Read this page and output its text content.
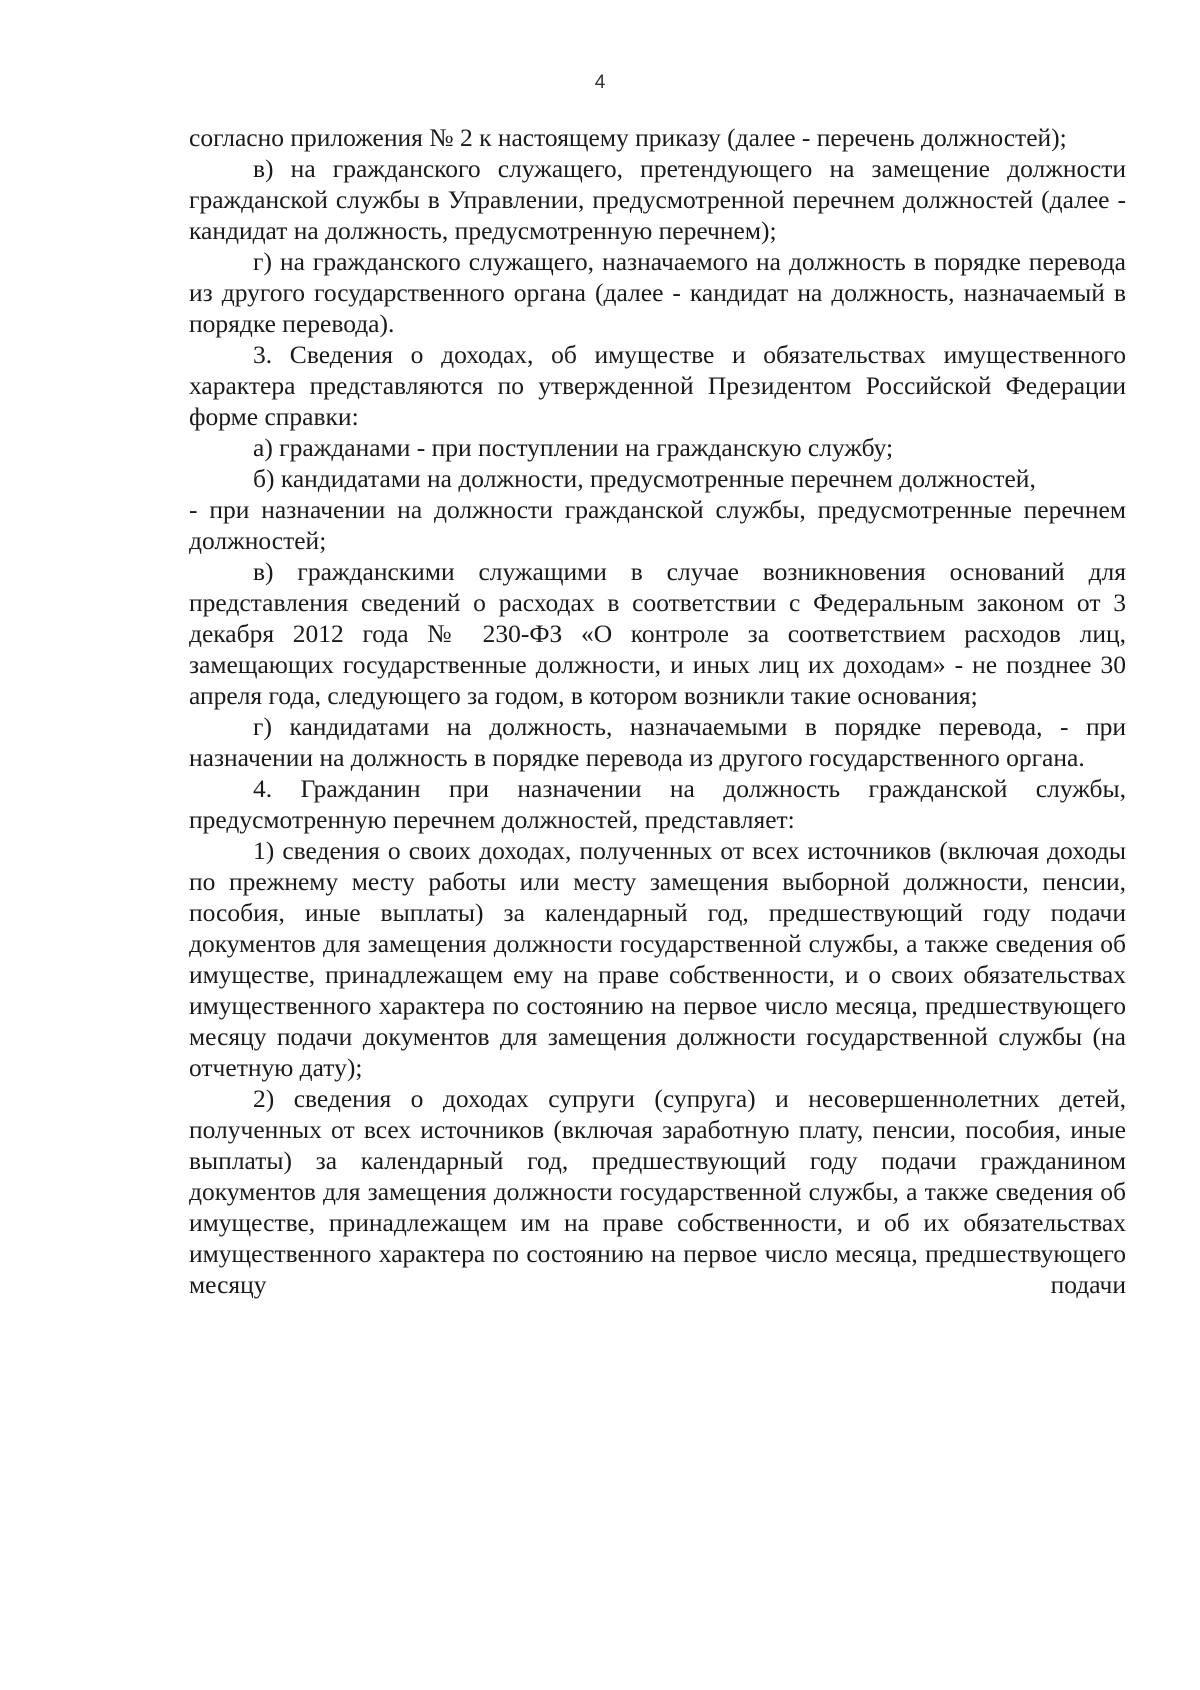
4

согласно приложения № 2 к настоящему приказу (далее - перечень должностей);

в) на гражданского служащего, претендующего на замещение должности гражданской службы в Управлении, предусмотренной перечнем должностей (далее - кандидат на должность, предусмотренную перечнем);

г) на гражданского служащего, назначаемого на должность в порядке перевода из другого государственного органа (далее - кандидат на должность, назначаемый в порядке перевода).

3. Сведения о доходах, об имуществе и обязательствах имущественного характера представляются по утвержденной Президентом Российской Федерации форме справки:

а) гражданами - при поступлении на гражданскую службу;

б) кандидатами на должности, предусмотренные перечнем должностей,

- при назначении на должности гражданской службы, предусмотренные перечнем должностей;

в) гражданскими служащими в случае возникновения оснований для представления сведений о расходах в соответствии с Федеральным законом от 3 декабря 2012 года № 230-ФЗ «О контроле за соответствием расходов лиц, замещающих государственные должности, и иных лиц их доходам» - не позднее 30 апреля года, следующего за годом, в котором возникли такие основания;

г) кандидатами на должность, назначаемыми в порядке перевода, - при назначении на должность в порядке перевода из другого государственного органа.

4. Гражданин при назначении на должность гражданской службы, предусмотренную перечнем должностей, представляет:

1) сведения о своих доходах, полученных от всех источников (включая доходы по прежнему месту работы или месту замещения выборной должности, пенсии, пособия, иные выплаты) за календарный год, предшествующий году подачи документов для замещения должности государственной службы, а также сведения об имуществе, принадлежащем ему на праве собственности, и о своих обязательствах имущественного характера по состоянию на первое число месяца, предшествующего месяцу подачи документов для замещения должности государственной службы (на отчетную дату);

2) сведения о доходах супруги (супруга) и несовершеннолетних детей, полученных от всех источников (включая заработную плату, пенсии, пособия, иные выплаты) за календарный год, предшествующий году подачи гражданином документов для замещения должности государственной службы, а также сведения об имуществе, принадлежащем им на праве собственности, и об их обязательствах имущественного характера по состоянию на первое число месяца, предшествующего месяцу подачи
